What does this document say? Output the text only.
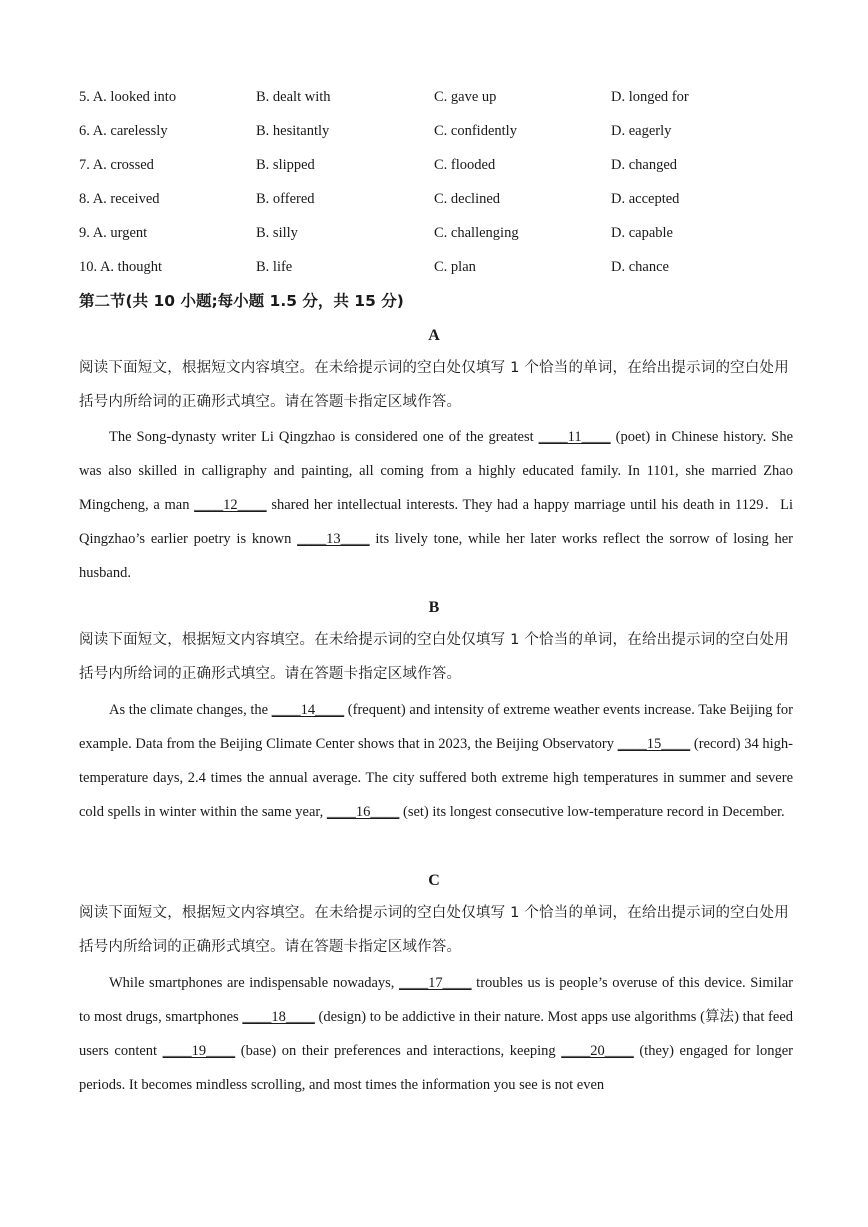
5. A. looked into	B. dealt with	C. gave up	D. longed for
6. A. carelessly	B. hesitantly	C. confidently	D. eagerly
7. A. crossed	B. slipped	C. flooded	D. changed
8. A. received	B. offered	C. declined	D. accepted
9. A. urgent	B. silly	C. challenging	D. capable
10. A. thought	B. life	C. plan	D. chance
第二节(共 10 小题;每小题 1.5 分，共 15 分)
A
阅读下面短文，根据短文内容填空。在未给提示词的空白处仅填写 1 个恰当的单词，在给出提示词的空白处用括号内所给词的正确形式填空。请在答题卡指定区域作答。

The Song-dynasty writer Li Qingzhao is considered one of the greatest ____11____ (poet) in Chinese history. She was also skilled in calligraphy and painting, all coming from a highly educated family. In 1101, she married Zhao Mingcheng, a man ____12____ shared her intellectual interests. They had a happy marriage until his death in 1129．Li Qingzhao’s earlier poetry is known ____13____ its lively tone, while her later works reflect the sorrow of losing her husband.

B
阅读下面短文，根据短文内容填空。在未给提示词的空白处仅填写 1 个恰当的单词，在给出提示词的空白处用括号内所给词的正确形式填空。请在答题卡指定区域作答。

As the climate changes, the ____14____ (frequent) and intensity of extreme weather events increase. Take Beijing for example. Data from the Beijing Climate Center shows that in 2023, the Beijing Observatory ____15____ (record) 34 high-temperature days, 2.4 times the annual average. The city suffered both extreme high temperatures in summer and severe cold spells in winter within the same year, ____16____ (set) its longest consecutive low-temperature record in December.

C
阅读下面短文，根据短文内容填空。在未给提示词的空白处仅填写 1 个恰当的单词，在给出提示词的空白处用括号内所给词的正确形式填空。请在答题卡指定区域作答。

While smartphones are indispensable nowadays, ____17____ troubles us is people’s overuse of this device. Similar to most drugs, smartphones ____18____ (design) to be addictive in their nature. Most apps use algorithms (算法) that feed users content ____19____ (base) on their preferences and interactions, keeping ____20____ (they) engaged for longer periods. It becomes mindless scrolling, and most times the information you see is not even
